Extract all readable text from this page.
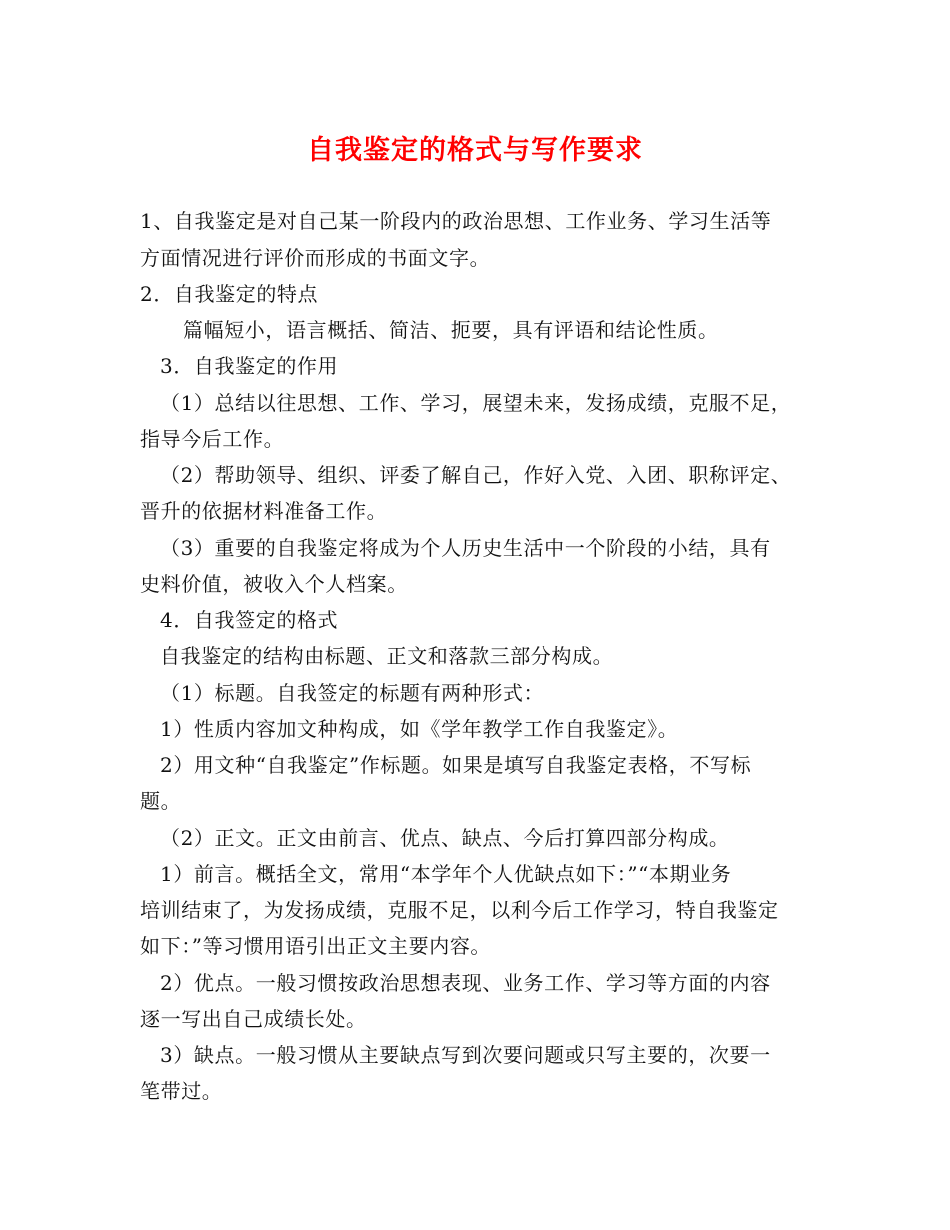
自我鉴定的格式与写作要求
1、自我鉴定是对自己某一阶段内的政治思想、工作业务、学习生活等
方面情况进行评价而形成的书面文字。
2．自我鉴定的特点
篇幅短小，语言概括、简洁、扼要，具有评语和结论性质。
3．自我鉴定的作用
（1）总结以往思想、工作、学习，展望未来，发扬成绩，克服不足，
指导今后工作。
（2）帮助领导、组织、评委了解自己，作好入党、入团、职称评定、
晋升的依据材料准备工作。
（3）重要的自我鉴定将成为个人历史生活中一个阶段的小结，具有
史料价值，被收入个人档案。
4．自我签定的格式
自我鉴定的结构由标题、正文和落款三部分构成。
（1）标题。自我签定的标题有两种形式：
1）性质内容加文种构成，如《学年教学工作自我鉴定》。
2）用文种“自我鉴定”作标题。如果是填写自我鉴定表格，不写标
题。
（2）正文。正文由前言、优点、缺点、今后打算四部分构成。
1）前言。概括全文，常用“本学年个人优缺点如下：”“本期业务
培训结束了，为发扬成绩，克服不足，以利今后工作学习，特自我鉴定
如下：”等习惯用语引出正文主要内容。
2）优点。一般习惯按政治思想表现、业务工作、学习等方面的内容
逐一写出自己成绩长处。
3）缺点。一般习惯从主要缺点写到次要问题或只写主要的，次要一
笔带过。
